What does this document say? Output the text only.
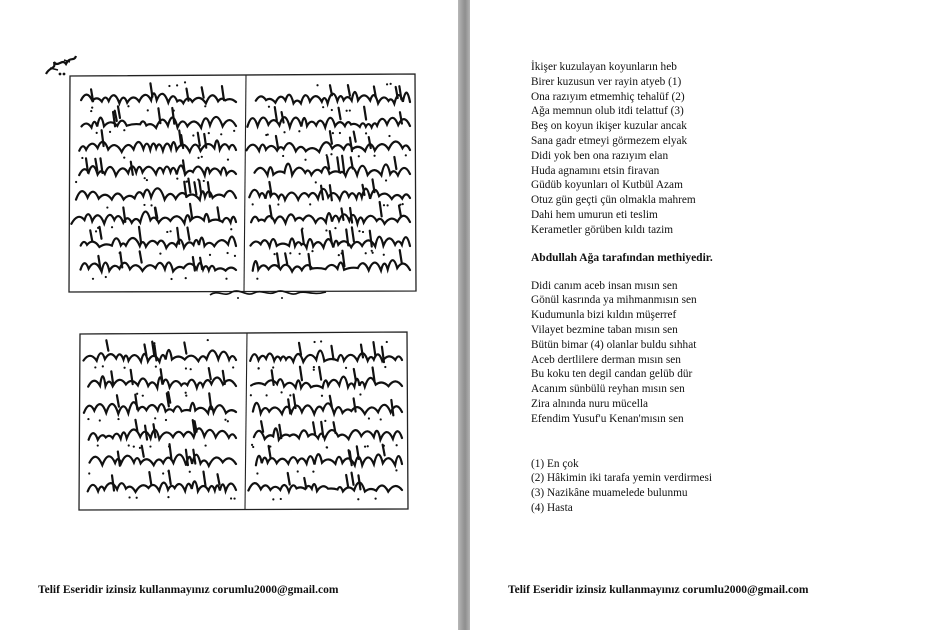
Telif Eseridir izinsiz kullanmayınız corumlu2000@gmail.com

İkişer kuzulayan koyunların heb
Birer kuzusun ver rayin atyeb (1)
Ona razıyım etmemhiç tehalüf (2)
Ağa memnun olub itdi telattuf (3)
Beş on koyun ikişer kuzular ancak
Sana gadr etmeyi görmezem elyak
Didi yok ben ona razıyım elan
Huda agnamını etsin firavan
Güdüb koyunları ol Kutbül Azam
Otuz gün geçti çün olmakla mahrem
Dahi hem umurun eti teslim
Kerametler görüben kıldı tazim

Abdullah Ağa tarafından methiyedir.

Didi canım aceb insan mısın sen
Gönül kasrında ya mihmanmısın sen
Kudumunla bizi kıldın müşerref
Vilayet bezmine taban mısın sen
Bütün bimar (4) olanlar buldu sıhhat
Aceb dertlilere derman mısın sen
Bu koku ten degil candan gelüb dür
Acanım sünbülü reyhan mısın sen
Zira alnında nuru mücella
Efendim Yusuf'u Kenan'mısın sen
(1) En çok
(2) Hâkimin iki tarafa yemin verdirmesi
(3) Nazikâne muamelede bulunmu
(4) Hasta

Telif Eseridir izinsiz kullanmayınız corumlu2000@gmail.com
